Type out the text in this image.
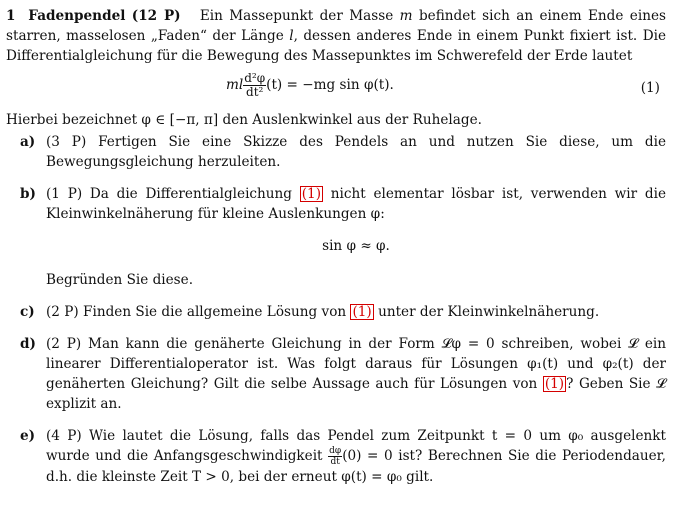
1 Fadenpendel (12 P) Ein Massepunkt der Masse m befindet sich an einem Ende eines starren, masselosen „Faden“ der Länge l, dessen anderes Ende in einem Punkt fixiert ist. Die Differentialgleichung für die Bewegung des Massepunktes im Schwerefeld der Erde lautet

ml $\frac{\text{d²φ}}{\text{dt²}} (t) = -mg$ sin φ(t).	(1)

Hierbei bezeichnet φ ∈ [−π, π] den Auslenkwinkel aus der Ruhelage.

a) (3 P) Fertigen Sie eine Skizze des Pendels an und nutzen Sie diese, um die Bewegungsgleichung herzuleiten.
b) (1 P) Da die Differentialgleichung (1) nicht elementar lösbar ist, verwenden wir die Kleinwinkelnäherung für kleine Auslenkungen φ:
sin φ ≈ φ.
Begründen Sie diese.
c) (2 P) Finden Sie die allgemeine Lösung von (1) unter der Kleinwinkelnäherung.
d) (2 P) Man kann die genäherte Gleichung in der Form 𝓛φ = 0 schreiben, wobei 𝓛 ein linearer Differentialoperator ist. Was folgt daraus für Lösungen φ₁(t) und φ₂(t) der genäherten Gleichung? Gilt die selbe Aussage auch für Lösungen von (1) ? Geben Sie 𝓛 explizit an.
e) (4 P) Wie lautet die Lösung, falls das Pendel zum Zeitpunkt t = 0 um φ₀ ausgelenkt wurde und die Anfangsgeschwindigkeit $\frac{d\varphi}{dt} (0) = 0$ ist? Berechnen Sie die Periodendauer, d.h. die kleinste Zeit T > 0, bei der erneut φ(t) = φ₀ gilt.
